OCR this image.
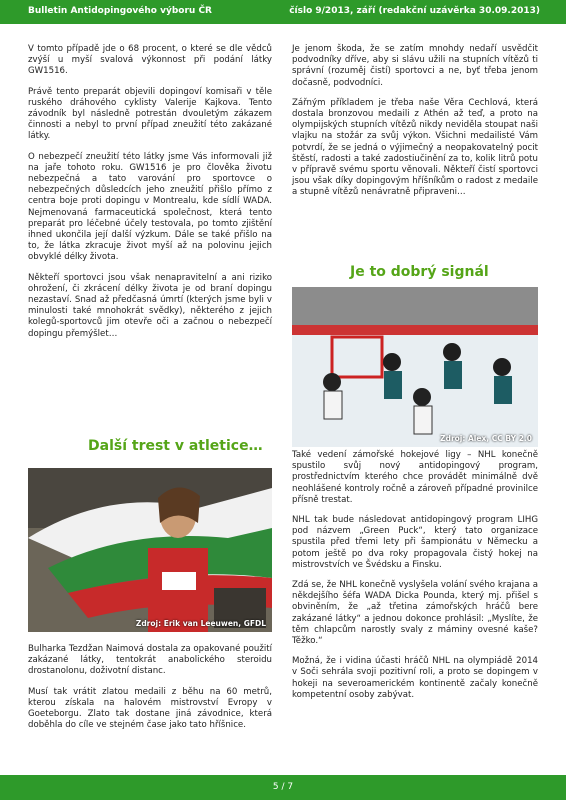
Bulletin Antidopingového výboru ČR	číslo 9/2013, září (redakční uzávěrka 30.09.2013)

V tomto případě jde o 68 procent, o které se dle vědců zvýší u myší svalová výkonnost při podání látky GW1516.

Právě tento preparát objevili dopingoví komisaři v těle ruského dráhového cyklisty Valerije Kajkova. Tento závodník byl následně potrestán dvouletým zákazem činnosti a nebyl to první případ zneužití této zakázané látky.

O nebezpečí zneužití této látky jsme Vás informovali již na jaře tohoto roku. GW1516 je pro člověka životu nebezpečná a tato varování pro sportovce o nebezpečných důsledcích jeho zneužití přišlo přímo z centra boje proti dopingu v Montrealu, kde sídlí WADA. Nejmenovaná farmaceutická společnost, která tento preparát pro léčebné účely testovala, po tomto zjištění ihned ukončila její další výzkum. Dále se také přišlo na to, že látka zkracuje život myší až na polovinu jejich obvyklé délky života.

Někteří sportovci jsou však nenapravitelní a ani riziko ohrožení, či zkrácení délky života je od braní dopingu nezastaví. Snad až předčasná úmrtí (kterých jsme byli v minulosti také mnohokrát svědky), některého z jejich kolegů-sportovců jim otevře oči a začnou o nebezpečí dopingu přemýšlet…

Další trest v atletice…
Zdroj: Erik van Leeuwen, GFDL

Bulharka Tezdžan Naimová dostala za opakované použití zakázané látky, tentokrát anabolického steroidu drostanolonu, doživotní distanc.

Musí tak vrátit zlatou medaili z běhu na 60 metrů, kterou získala na halovém mistrovství Evropy v Goeteborgu. Zlato tak dostane jiná závodnice, která doběhla do cíle ve stejném čase jako tato hříšnice.

Je jenom škoda, že se zatím mnohdy nedaří usvědčit podvodníky dříve, aby si slávu užili na stupních vítězů ti správní (rozuměj čistí) sportovci a ne, byť třeba jenom dočasně, podvodníci.

Zářným příkladem je třeba naše Věra Cechlová, která dostala bronzovou medaili z Athén až teď, a proto na olympijských stupních vítězů nikdy neviděla stoupat naši vlajku na stožár za svůj výkon. Všichni medailisté Vám potvrdí, že se jedná o výjimečný a neopakovatelný pocit štěstí, radosti a také zadostiučinění za to, kolik litrů potu v přípravě svému sportu věnovali. Někteří čistí sportovci jsou však díky dopingovým hříšníkům o radost z medaile a stupně vítězů nenávratně připraveni…

Je to dobrý signál
Zdroj: Alex, CC BY 2.0

Také vedení zámořské hokejové ligy – NHL konečně spustilo svůj nový antidopingový program, prostřednictvím kterého chce provádět minimálně dvě neohlášené kontroly ročně a zároveň případné provinilce přísně trestat.

NHL tak bude následovat antidopingový program LIHG pod názvem „Green Puck“, který tato organizace spustila před třemi lety při šampionátu v Německu a potom ještě po dva roky propagovala čistý hokej na mistrovstvích ve Švédsku a Finsku.

Zdá se, že NHL konečně vyslyšela volání svého krajana a někdejšího šéfa WADA Dicka Pounda, který mj. přišel s obviněním, že „až třetina zámořských hráčů bere zakázané látky“ a jednou dokonce prohlásil: „Myslíte, že těm chlapcům narostly svaly z máminy ovesné kaše? Těžko.“

Možná, že i vidina účasti hráčů NHL na olympiádě 2014 v Soči sehrála svoji pozitivní roli, a proto se dopingem v hokeji na severoamerickém kontinentě začaly konečně kompetentní osoby zabývat.

5 / 7
